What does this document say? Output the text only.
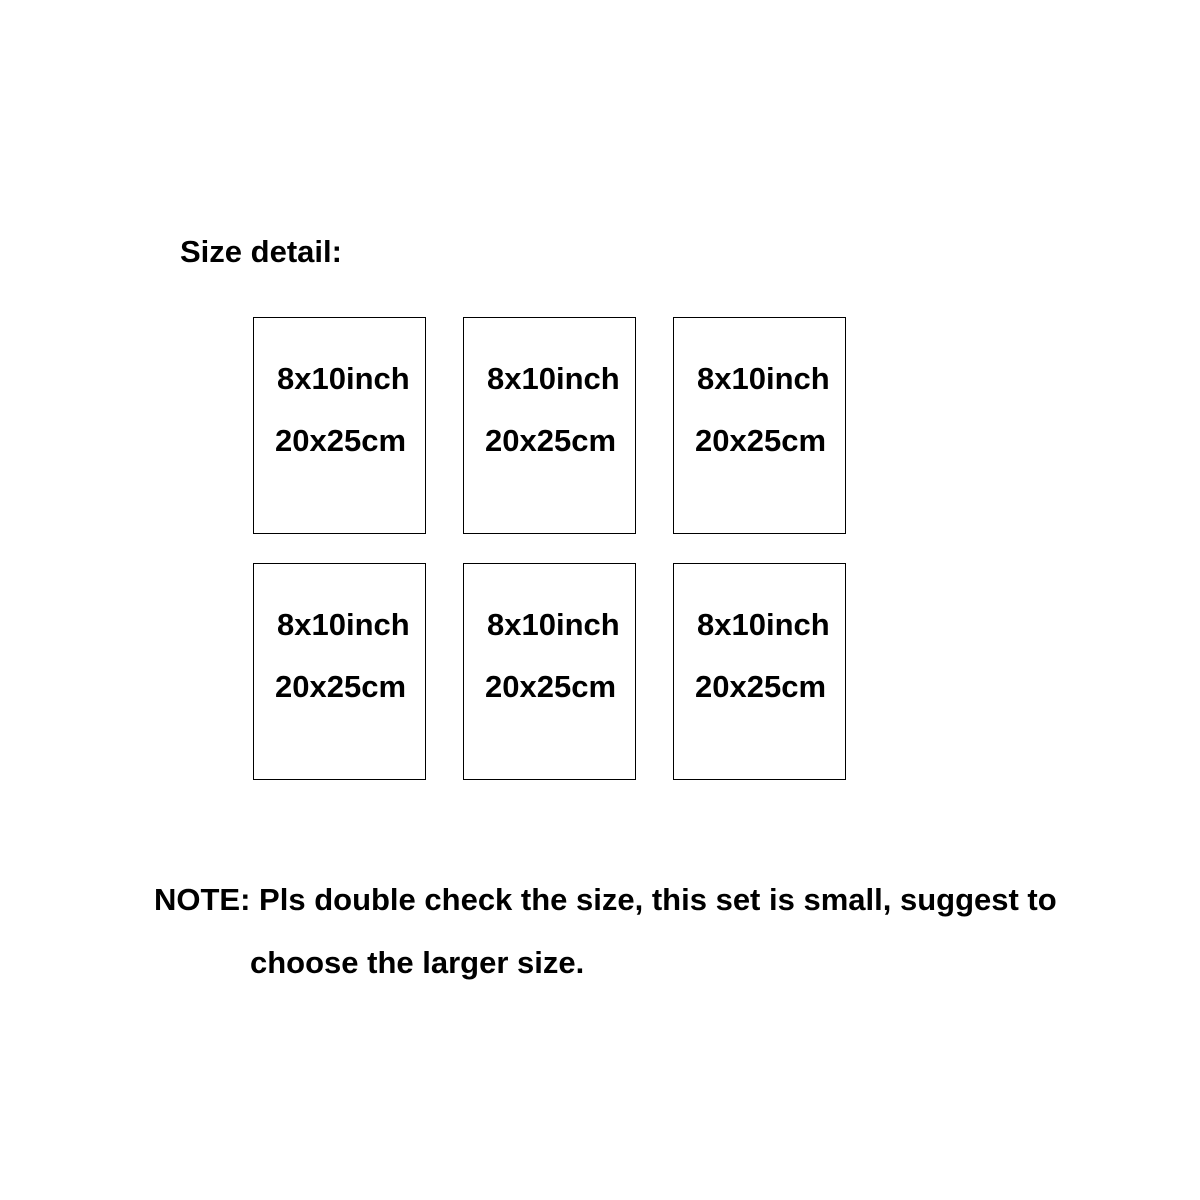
Size detail:
8x10inch
20x25cm
8x10inch
20x25cm
8x10inch
20x25cm
8x10inch
20x25cm
8x10inch
20x25cm
8x10inch
20x25cm
NOTE: Pls double check the size, this set is small, suggest to
choose the larger size.
